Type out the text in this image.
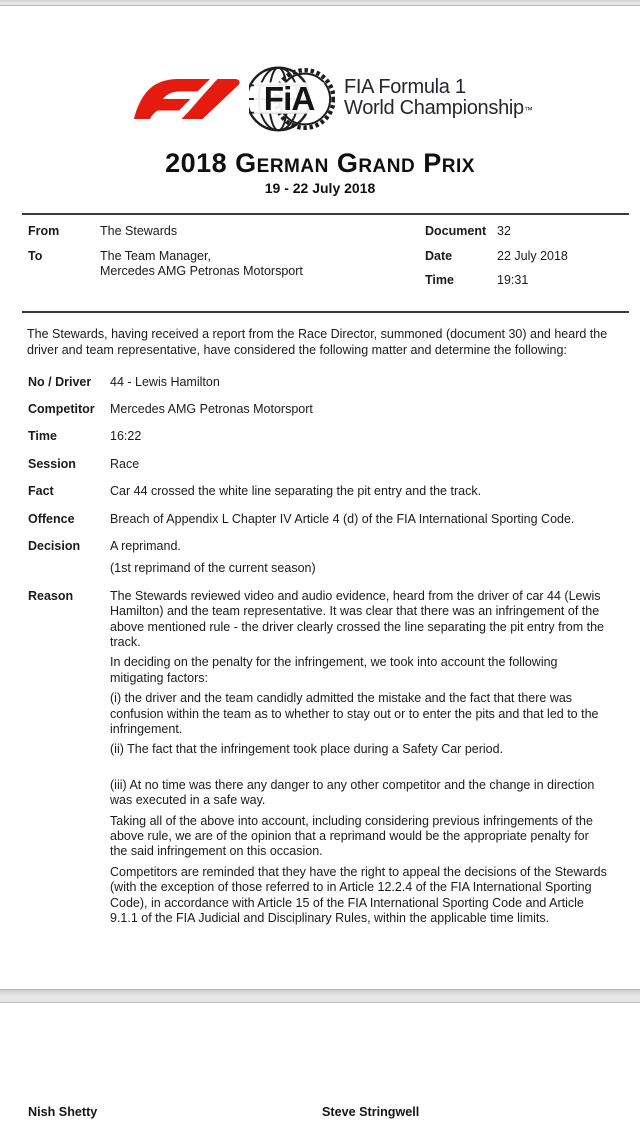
FiA FIA Formula 1
World Championship™
2018 German Grand Prix
19 - 22 July 2018
From	The Stewards
To	The Team Manager,
Mercedes AMG Petronas Motorsport
Document 32
Date	22 July 2018
Time	19:31
The Stewards, having received a report from the Race Director, summoned (document 30) and heard the driver and team representative, have considered the following matter and determine the following:
No / Driver	44 - Lewis Hamilton
Competitor	Mercedes AMG Petronas Motorsport
Time	16:22
Session	Race
Fact	Car 44 crossed the white line separating the pit entry and the track.
Offence	Breach of Appendix L Chapter IV Article 4 (d) of the FIA International Sporting Code.
Decision	A reprimand.
(1st reprimand of the current season)
Reason	The Stewards reviewed video and audio evidence, heard from the driver of car 44 (Lewis Hamilton) and the team representative. It was clear that there was an infringement of the above mentioned rule - the driver clearly crossed the line separating the pit entry from the track.

In deciding on the penalty for the infringement, we took into account the following mitigating factors:

(i) the driver and the team candidly admitted the mistake and the fact that there was confusion within the team as to whether to stay out or to enter the pits and that led to the infringement.

(ii) The fact that the infringement took place during a Safety Car period.

(iii) At no time was there any danger to any other competitor and the change in direction was executed in a safe way.

Taking all of the above into account, including considering previous infringements of the above rule, we are of the opinion that a reprimand would be the appropriate penalty for the said infringement on this occasion.

Competitors are reminded that they have the right to appeal the decisions of the Stewards (with the exception of those referred to in Article 12.2.4 of the FIA International Sporting Code), in accordance with Article 15 of the FIA International Sporting Code and Article 9.1.1 of the FIA Judicial and Disciplinary Rules, within the applicable time limits.

Nish Shetty	Steve Stringwell
